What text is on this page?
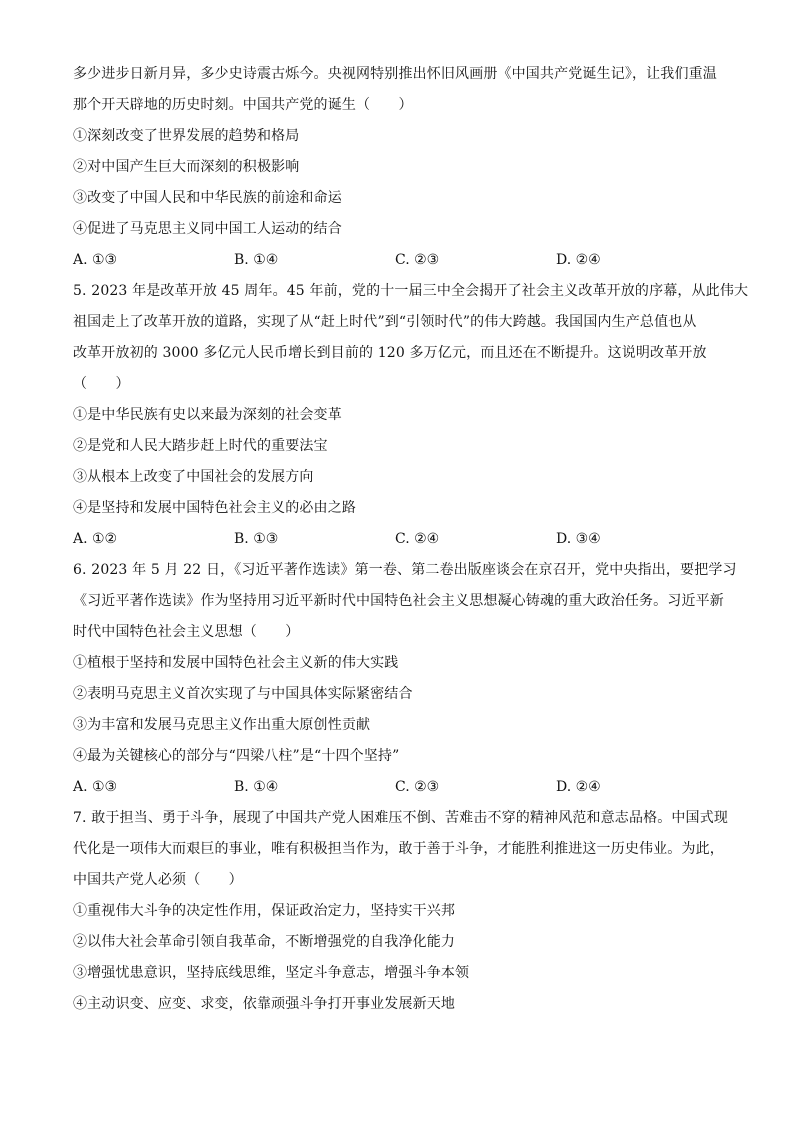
多少进步日新月异，多少史诗震古烁今。央视网特别推出怀旧风画册《中国共产党诞生记》，让我们重温
那个开天辟地的历史时刻。中国共产党的诞生（　　）
①深刻改变了世界发展的趋势和格局
②对中国产生巨大而深刻的积极影响
③改变了中国人民和中华民族的前途和命运
④促进了马克思主义同中国工人运动的结合
A. ①③	B. ①④	C. ②③	D. ②④
5. 2023 年是改革开放 45 周年。45 年前，党的十一届三中全会揭开了社会主义改革开放的序幕，从此伟大
祖国走上了改革开放的道路，实现了从“赶上时代”到“引领时代”的伟大跨越。我国国内生产总值也从
改革开放初的 3000 多亿元人民币增长到目前的 120 多万亿元，而且还在不断提升。这说明改革开放
（　　）
①是中华民族有史以来最为深刻的社会变革
②是党和人民大踏步赶上时代的重要法宝
③从根本上改变了中国社会的发展方向
④是坚持和发展中国特色社会主义的必由之路
A. ①②	B. ①③	C. ②④	D. ③④
6. 2023 年 5 月 22 日，《习近平著作选读》第一卷、第二卷出版座谈会在京召开，党中央指出，要把学习
《习近平著作选读》作为坚持用习近平新时代中国特色社会主义思想凝心铸魂的重大政治任务。习近平新
时代中国特色社会主义思想（　　）
①植根于坚持和发展中国特色社会主义新的伟大实践
②表明马克思主义首次实现了与中国具体实际紧密结合
③为丰富和发展马克思主义作出重大原创性贡献
④最为关键核心的部分与“四梁八柱”是“十四个坚持”
A. ①③	B. ①④	C. ②③	D. ②④
7. 敢于担当、勇于斗争，展现了中国共产党人困难压不倒、苦难击不穿的精神风范和意志品格。中国式现
代化是一项伟大而艰巨的事业，唯有积极担当作为，敢于善于斗争，才能胜利推进这一历史伟业。为此，
中国共产党人必须（　　）
①重视伟大斗争的决定性作用，保证政治定力，坚持实干兴邦
②以伟大社会革命引领自我革命，不断增强党的自我净化能力
③增强忧患意识，坚持底线思维，坚定斗争意志，增强斗争本领
④主动识变、应变、求变，依靠顽强斗争打开事业发展新天地
